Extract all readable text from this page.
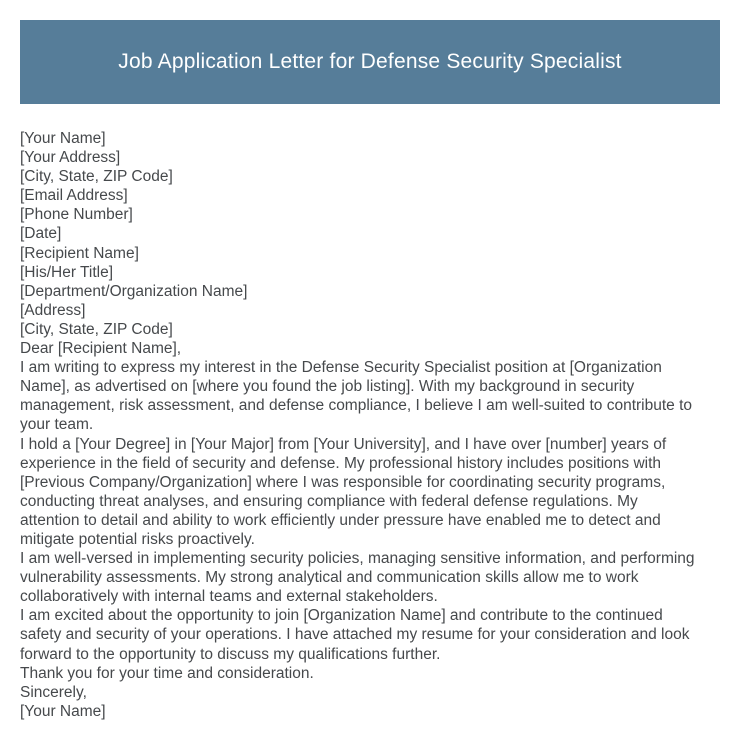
Job Application Letter for Defense Security Specialist
[Your Name]
[Your Address]
[City, State, ZIP Code]
[Email Address]
[Phone Number]
[Date]
[Recipient Name]
[His/Her Title]
[Department/Organization Name]
[Address]
[City, State, ZIP Code]
Dear [Recipient Name],
I am writing to express my interest in the Defense Security Specialist position at [Organization
Name], as advertised on [where you found the job listing]. With my background in security
management, risk assessment, and defense compliance, I believe I am well-suited to contribute to
your team.
I hold a [Your Degree] in [Your Major] from [Your University], and I have over [number] years of
experience in the field of security and defense. My professional history includes positions with
[Previous Company/Organization] where I was responsible for coordinating security programs,
conducting threat analyses, and ensuring compliance with federal defense regulations. My
attention to detail and ability to work efficiently under pressure have enabled me to detect and
mitigate potential risks proactively.
I am well-versed in implementing security policies, managing sensitive information, and performing
vulnerability assessments. My strong analytical and communication skills allow me to work
collaboratively with internal teams and external stakeholders.
I am excited about the opportunity to join [Organization Name] and contribute to the continued
safety and security of your operations. I have attached my resume for your consideration and look
forward to the opportunity to discuss my qualifications further.
Thank you for your time and consideration.
Sincerely,
[Your Name]
